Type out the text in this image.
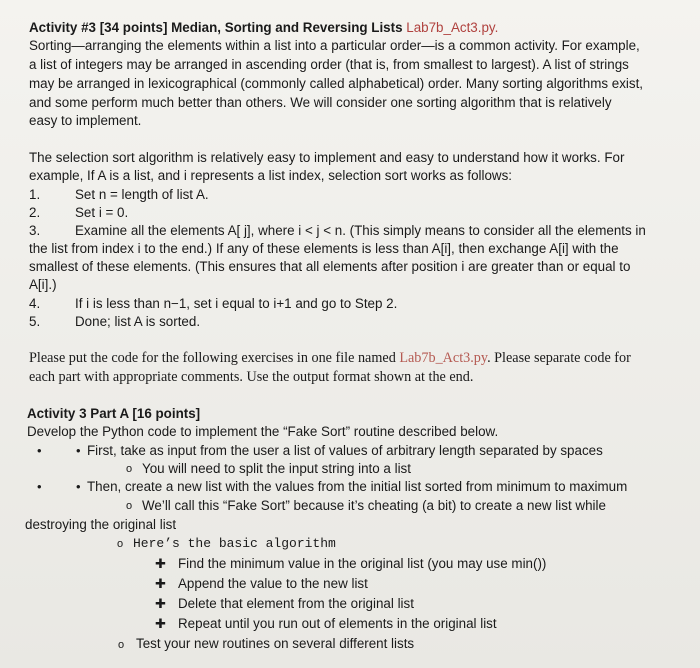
Activity #3 [34 points] Median, Sorting and Reversing Lists Lab7b_Act3.py.
Sorting—arranging the elements within a list into a particular order—is a common activity. For example,
a list of integers may be arranged in ascending order (that is, from smallest to largest). A list of strings
may be arranged in lexicographical (commonly called alphabetical) order. Many sorting algorithms exist,
and some perform much better than others. We will consider one sorting algorithm that is relatively
easy to implement.
The selection sort algorithm is relatively easy to implement and easy to understand how it works. For
example, If A is a list, and i represents a list index, selection sort works as follows:
1.	Set n = length of list A.
2.	Set i = 0.
3.	Examine all the elements A[ j], where i < j < n. (This simply means to consider all the elements in
the list from index i to the end.) If any of these elements is less than A[i], then exchange A[i] with the
smallest of these elements. (This ensures that all elements after position i are greater than or equal to
A[i].)
4.	If i is less than n−1, set i equal to i+1 and go to Step 2.
5.	Done; list A is sorted.
Please put the code for the following exercises in one file named Lab7b_Act3.py. Please separate code for
each part with appropriate comments. Use the output format shown at the end.
Activity 3 Part A [16 points]
Develop the Python code to implement the “Fake Sort” routine described below.
•	• First, take as input from the user a list of values of arbitrary length separated by spaces
o You will need to split the input string into a list
•	• Then, create a new list with the values from the initial list sorted from minimum to maximum
o We’ll call this “Fake Sort” because it’s cheating (a bit) to create a new list while
destroying the original list
o Here’s the basic algorithm
✚ Find the minimum value in the original list (you may use min())
✚ Append the value to the new list
✚ Delete that element from the original list
✚ Repeat until you run out of elements in the original list
o Test your new routines on several different lists
